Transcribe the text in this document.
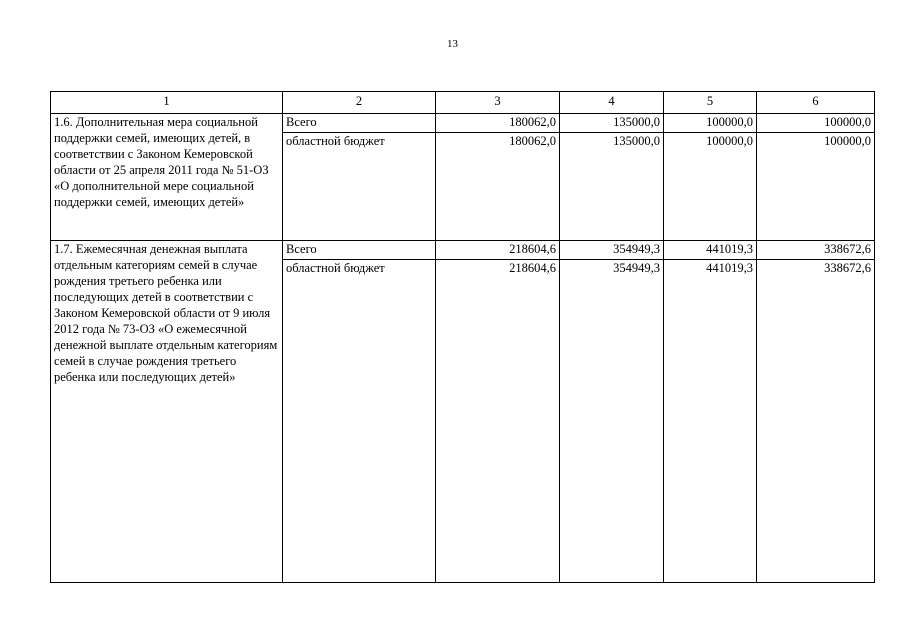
13
1	2	3	4	5	6
1.6. Дополнительная мера социальной поддержки семей, имеющих детей, в соответствии с Законом Кемеровской области от 25 апреля 2011 года № 51-ОЗ «О дополнительной мере социальной поддержки семей, имеющих детей»	Всего	180062,0	135000,0	100000,0	100000,0
	областной бюджет	180062,0	135000,0	100000,0	100000,0
1.7. Ежемесячная денежная выплата отдельным категориям семей в случае рождения третьего ребенка или последующих детей в соответствии с Законом Кемеровской области от 9 июля 2012 года № 73-ОЗ «О ежемесячной денежной выплате отдельным категориям семей в случае рождения третьего ребенка или последующих детей»	Всего	218604,6	354949,3	441019,3	338672,6
	областной бюджет	218604,6	354949,3	441019,3	338672,6
